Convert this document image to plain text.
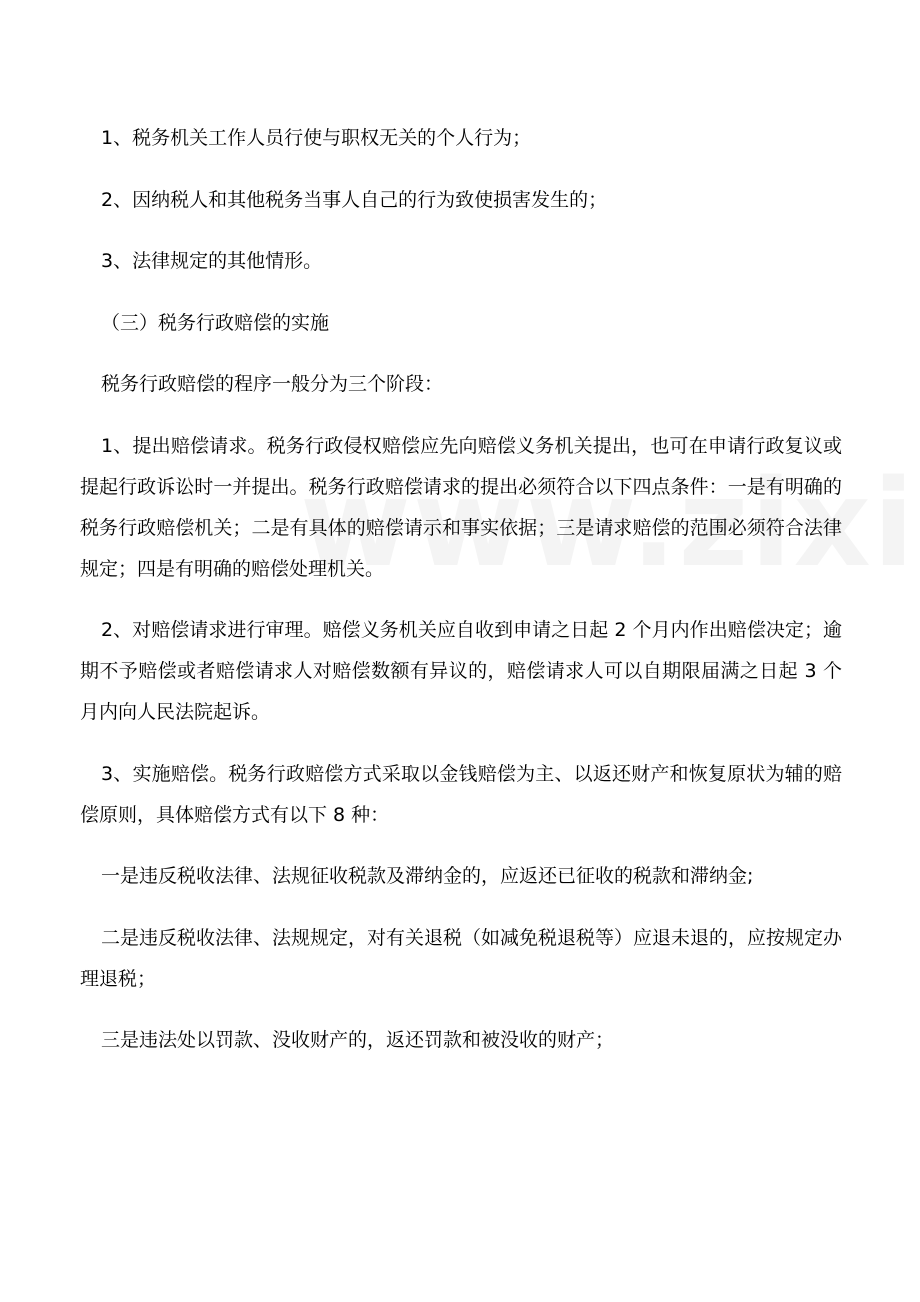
1、税务机关工作人员行使与职权无关的个人行为；

2、因纳税人和其他税务当事人自己的行为致使损害发生的；

3、法律规定的其他情形。

（三）税务行政赔偿的实施

税务行政赔偿的程序一般分为三个阶段：

1、提出赔偿请求。税务行政侵权赔偿应先向赔偿义务机关提出，也可在申请行政复议或提起行政诉讼时一并提出。税务行政赔偿请求的提出必须符合以下四点条件：一是有明确的税务行政赔偿机关；二是有具体的赔偿请示和事实依据；三是请求赔偿的范围必须符合法律规定；四是有明确的赔偿处理机关。

2、对赔偿请求进行审理。赔偿义务机关应自收到申请之日起 2 个月内作出赔偿决定；逾期不予赔偿或者赔偿请求人对赔偿数额有异议的，赔偿请求人可以自期限届满之日起 3 个月内向人民法院起诉。

3、实施赔偿。税务行政赔偿方式采取以金钱赔偿为主、以返还财产和恢复原状为辅的赔偿原则，具体赔偿方式有以下 8 种：

一是违反税收法律、法规征收税款及滞纳金的，应返还已征收的税款和滞纳金;

二是违反税收法律、法规规定，对有关退税（如减免税退税等）应退未退的，应按规定办理退税；

三是违法处以罚款、没收财产的，返还罚款和被没收的财产；
